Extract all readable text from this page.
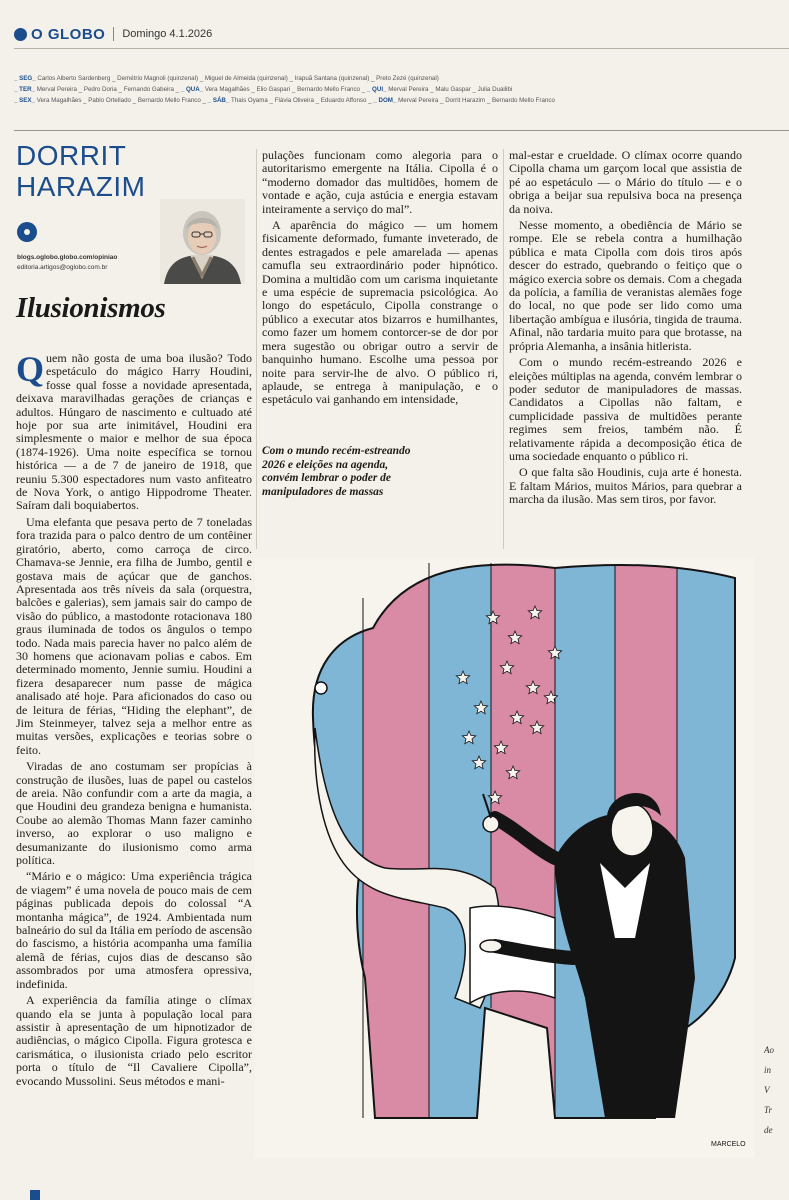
O GLOBO Domingo 4.1.2026
_ SEG_ Carlos Alberto Sardenberg _ Demétrio Magnoli (quinzenal) _ Miguel de Almeida (quinzenal) _ Irapuã Santana (quinzenal) _ Preto Zezé (quinzenal)
_ TER_ Merval Pereira _ Pedro Doria _ Fernando Gabeira _ _ QUA_ Vera Magalhães _ Elio Gaspari _ Bernardo Mello Franco _ _ QUI_ Merval Pereira _ Malu Gaspar _ Julia Duailibi
_ SEX_ Vera Magalhães _ Pablo Ortellado _ Bernardo Mello Franco _ _ SÁB_ Thais Oyama _ Flávia Oliveira _ Eduardo Affonso _ _ DOM_ Merval Pereira _ Dorrit Harazim _ Bernardo Mello Franco
DORRIT
HARAZIM
blogs.oglobo.globo.com/opiniao
editoria.artigos@oglobo.com.br
Ilusionismos

Quem não gosta de uma boa ilusão? Todo espetáculo do mágico Harry Houdini, fosse qual fosse a novidade apresentada, deixava maravilhadas gerações de crianças e adultos. Húngaro de nascimento e cultuado até hoje por sua arte inimitável, Houdini era simplesmente o maior e melhor de sua época (1874-1926). Uma noite específica se tornou histórica — a de 7 de janeiro de 1918, que reuniu 5.300 espectadores num vasto anfiteatro de Nova York, o antigo Hippodrome Theater. Saíram dali boquiabertos.

Uma elefanta que pesava perto de 7 toneladas fora trazida para o palco dentro de um contêiner giratório, aberto, como carroça de circo. Chamava-se Jennie, era filha de Jumbo, gentil e gostava mais de açúcar que de ganchos. Apresentada aos três níveis da sala (orquestra, balcões e galerias), sem jamais sair do campo de visão do público, a mastodonte rotacionava 180 graus iluminada de todos os ângulos o tempo todo. Nada mais parecia haver no palco além de 30 homens que acionavam polias e cabos. Em determinado momento, Jennie sumiu. Houdini a fizera desaparecer num passe de mágica analisado até hoje. Para aficionados do caso ou de leitura de férias, “Hiding the elephant”, de Jim Steinmeyer, talvez seja a melhor entre as muitas versões, explicações e teorias sobre o feito.

Viradas de ano costumam ser propícias à construção de ilusões, luas de papel ou castelos de areia. Não confundir com a arte da magia, a que Houdini deu grandeza benigna e humanista. Coube ao alemão Thomas Mann fazer caminho inverso, ao explorar o uso maligno e desumanizante do ilusionismo como arma política.

“Mário e o mágico: Uma experiência trágica de viagem” é uma novela de pouco mais de cem páginas publicada depois do colossal “A montanha mágica”, de 1924. Ambientada num balneário do sul da Itália em período de ascensão do fascismo, a história acompanha uma família alemã de férias, cujos dias de descanso são assombrados por uma atmosfera opressiva, indefinida.

A experiência da família atinge o clímax quando ela se junta à população local para assistir à apresentação de um hipnotizador de audiências, o mágico Cipolla. Figura grotesca e carismática, o ilusionista criado pelo escritor porta o título de “Il Cavaliere Cipolla”, evocando Mussolini. Seus métodos e mani-

pulações funcionam como alegoria para o autoritarismo emergente na Itália. Cipolla é o “moderno domador das multidões, homem de vontade e ação, cuja astúcia e energia estavam inteiramente a serviço do mal”.

A aparência do mágico — um homem fisicamente deformado, fumante inveterado, de dentes estragados e pele amarelada — apenas camufla seu extraordinário poder hipnótico. Domina a multidão com um carisma inquietante e uma espécie de supremacia psicológica. Ao longo do espetáculo, Cipolla constrange o público a executar atos bizarros e humilhantes, como fazer um homem contorcer-se de dor por mera sugestão ou obrigar outro a servir de banquinho humano. Escolhe uma pessoa por noite para servir-lhe de alvo. O público ri, aplaude, se entrega à manipulação, e o espetáculo vai ganhando em intensidade,

Com o mundo recém-estreando 2026 e eleições na agenda, convém lembrar o poder de manipuladores de massas

mal-estar e crueldade. O clímax ocorre quando Cipolla chama um garçom local que assistia de pé ao espetáculo — o Mário do título — e o obriga a beijar sua repulsiva boca na presença da noiva.

Nesse momento, a obediência de Mário se rompe. Ele se rebela contra a humilhação pública e mata Cipolla com dois tiros após descer do estrado, quebrando o feitiço que o mágico exercia sobre os demais. Com a chegada da polícia, a família de veranistas alemães foge do local, no que pode ser lido como uma libertação ambígua e ilusória, tingida de trauma. Afinal, não tardaria muito para que brotasse, na própria Alemanha, a insânia hitlerista.

Com o mundo recém-estreando 2026 e eleições múltiplas na agenda, convém lembrar o poder sedutor de manipuladores de massas. Candidatos a Cipollas não faltam, e cumplicidade passiva de multidões perante regimes sem freios, também não. É relativamente rápida a decomposição ética de uma sociedade enquanto o público ri.

O que falta são Houdinis, cuja arte é honesta. E faltam Mários, muitos Mários, para quebrar a marcha da ilusão. Mas sem tiros, por favor.

MARCELO
Ao
in
V
Tr
de
